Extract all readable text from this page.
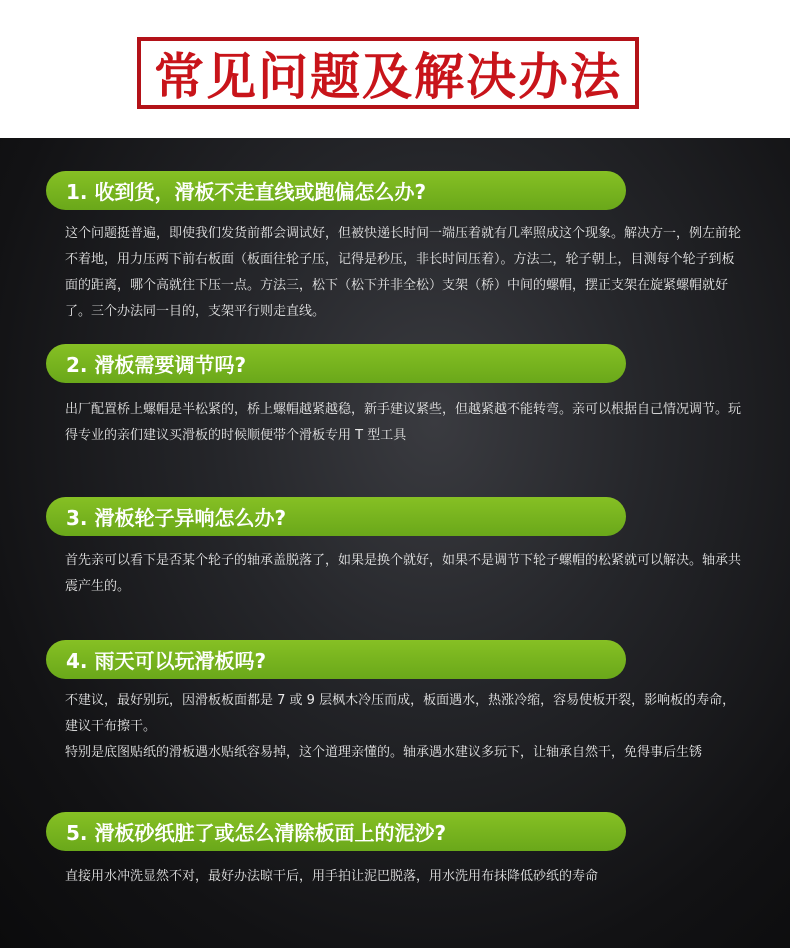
常见问题及解决办法
1. 收到货，滑板不走直线或跑偏怎么办?

这个问题挺普遍，即使我们发货前都会调试好，但被快递长时间一端压着就有几率照成这个现象。解决方一，例左前轮不着地，用力压两下前右板面（板面往轮子压，记得是秒压，非长时间压着）。方法二，轮子朝上，目测每个轮子到板面的距离，哪个高就往下压一点。方法三，松下（松下并非全松）支架（桥）中间的螺帽，摆正支架在旋紧螺帽就好了。三个办法同一目的，支架平行则走直线。

2. 滑板需要调节吗?

出厂配置桥上螺帽是半松紧的，桥上螺帽越紧越稳，新手建议紧些，但越紧越不能转弯。亲可以根据自己情况调节。玩得专业的亲们建议买滑板的时候顺便带个滑板专用 T 型工具

3. 滑板轮子异响怎么办?

首先亲可以看下是否某个轮子的轴承盖脱落了，如果是换个就好，如果不是调节下轮子螺帽的松紧就可以解决。轴承共震产生的。

4. 雨天可以玩滑板吗?

不建议，最好别玩，因滑板板面都是 7 或 9 层枫木冷压而成，板面遇水，热涨冷缩，容易使板开裂，影响板的寿命，建议干布擦干。

特别是底图贴纸的滑板遇水贴纸容易掉，这个道理亲懂的。轴承遇水建议多玩下，让轴承自然干，免得事后生锈

5. 滑板砂纸脏了或怎么清除板面上的泥沙?

直接用水冲洗显然不对，最好办法晾干后，用手拍让泥巴脱落，用水洗用布抹降低砂纸的寿命
